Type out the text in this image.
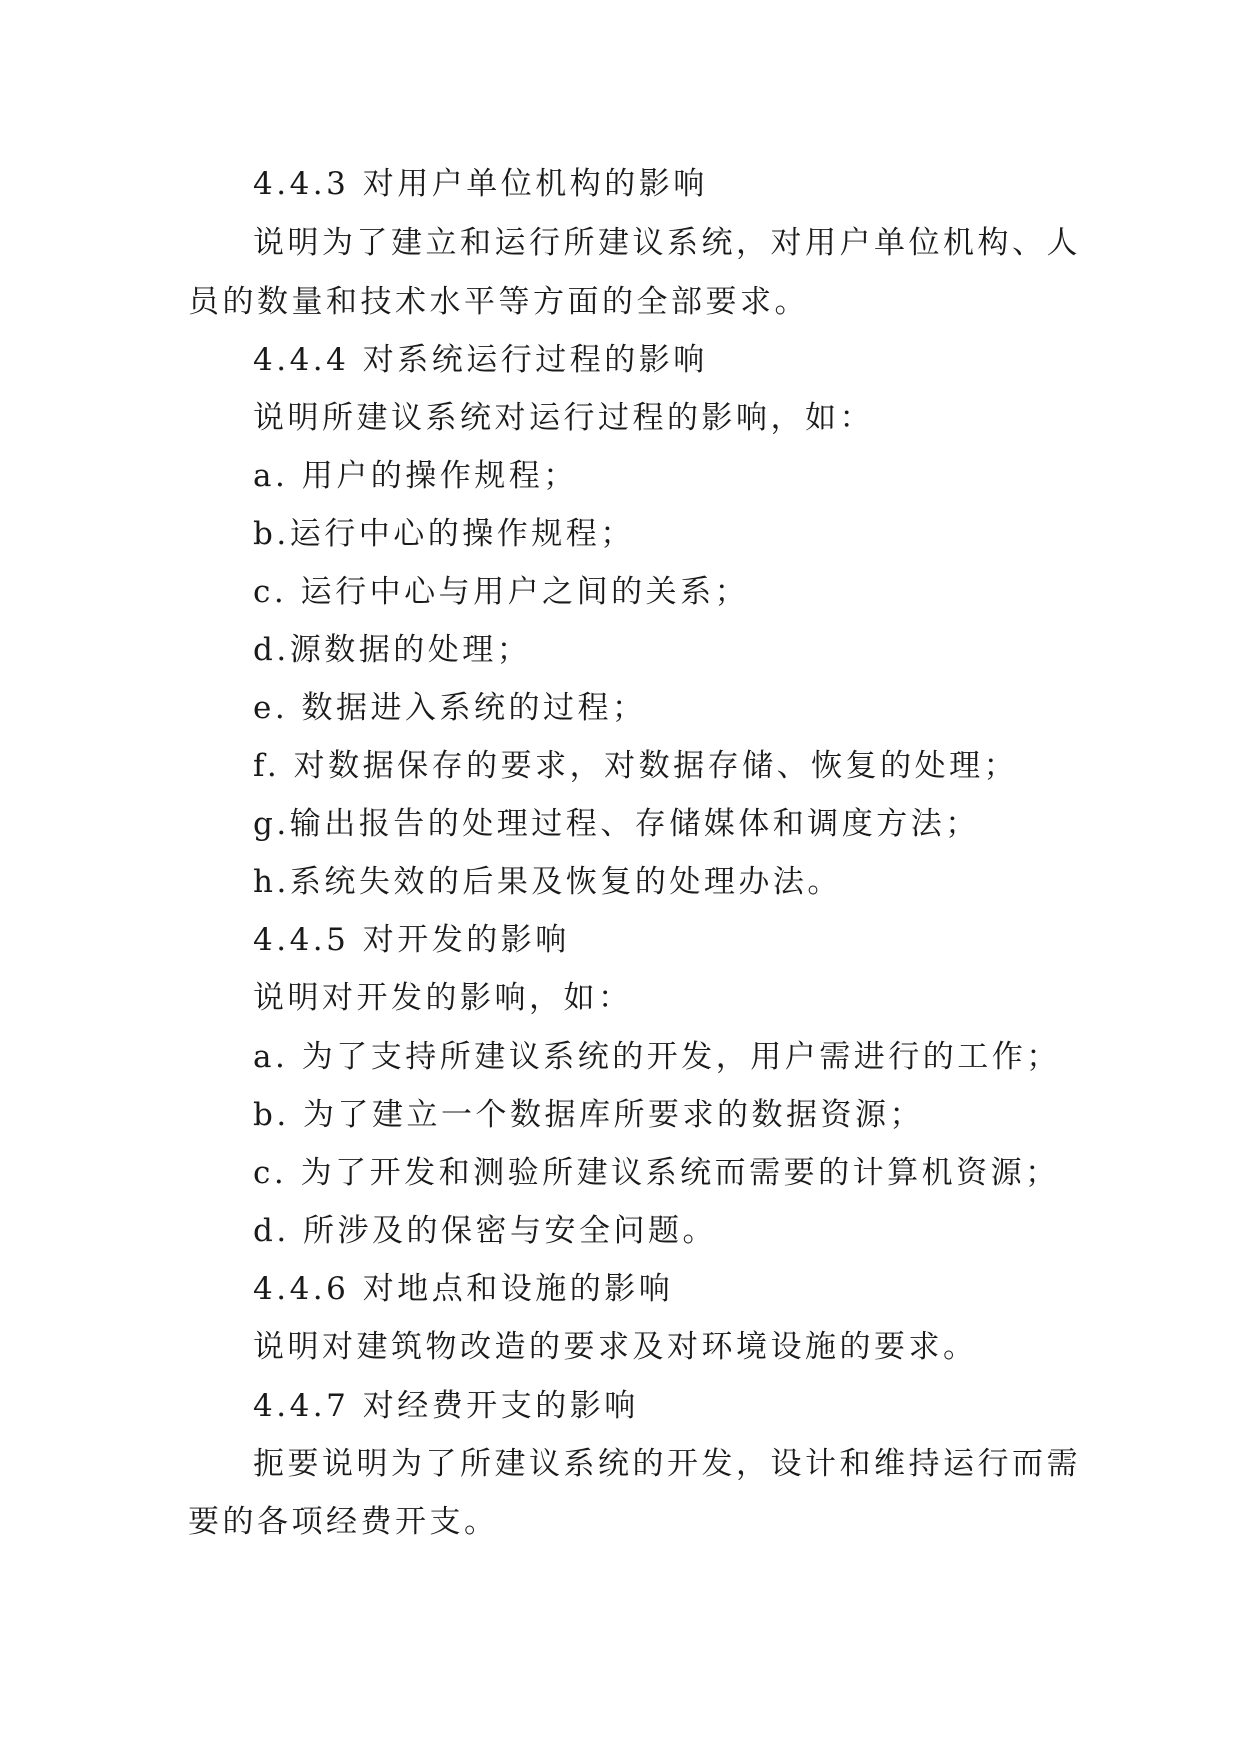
4.4.3 对用户单位机构的影响
说明为了建立和运行所建议系统，对用户单位机构、人
员的数量和技术水平等方面的全部要求。
4.4.4 对系统运行过程的影响
说明所建议系统对运行过程的影响，如：
a. 用户的操作规程；
b.运行中心的操作规程；
c. 运行中心与用户之间的关系；
d.源数据的处理；
e. 数据进入系统的过程；
f. 对数据保存的要求，对数据存储、恢复的处理；
g.输出报告的处理过程、存储媒体和调度方法；
h.系统失效的后果及恢复的处理办法。
4.4.5 对开发的影响
说明对开发的影响，如：
a. 为了支持所建议系统的开发，用户需进行的工作；
b. 为了建立一个数据库所要求的数据资源；
c. 为了开发和测验所建议系统而需要的计算机资源；
d. 所涉及的保密与安全问题。
4.4.6 对地点和设施的影响
说明对建筑物改造的要求及对环境设施的要求。
4.4.7 对经费开支的影响
扼要说明为了所建议系统的开发，设计和维持运行而需
要的各项经费开支。
